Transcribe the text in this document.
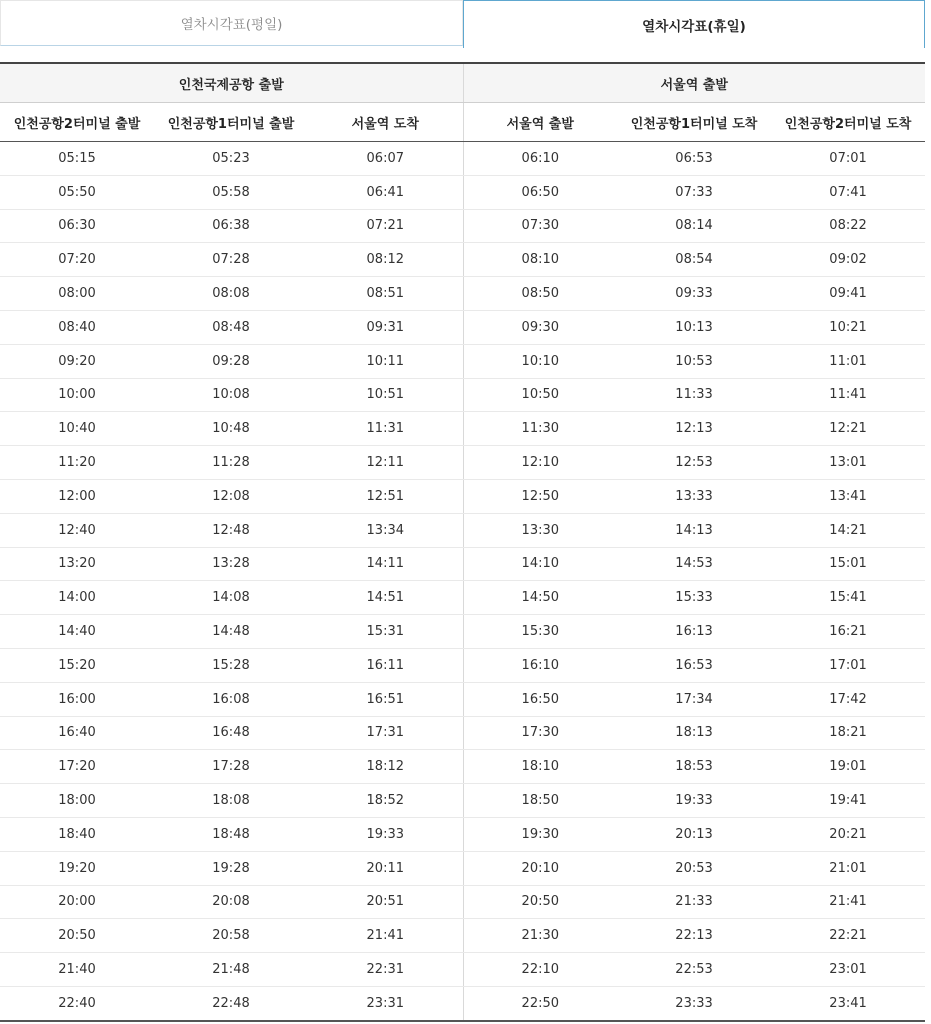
열차시각표(평일)	열차시각표(휴일)
인천국제공항 출발			서울역 출발		
인천공항2터미널 출발	인천공항1터미널 출발	서울역 도착	서울역 출발	인천공항1터미널 도착	인천공항2터미널 도착
05:15	05:23	06:07	06:10	06:53	07:01
05:50	05:58	06:41	06:50	07:33	07:41
06:30	06:38	07:21	07:30	08:14	08:22
07:20	07:28	08:12	08:10	08:54	09:02
08:00	08:08	08:51	08:50	09:33	09:41
08:40	08:48	09:31	09:30	10:13	10:21
09:20	09:28	10:11	10:10	10:53	11:01
10:00	10:08	10:51	10:50	11:33	11:41
10:40	10:48	11:31	11:30	12:13	12:21
11:20	11:28	12:11	12:10	12:53	13:01
12:00	12:08	12:51	12:50	13:33	13:41
12:40	12:48	13:34	13:30	14:13	14:21
13:20	13:28	14:11	14:10	14:53	15:01
14:00	14:08	14:51	14:50	15:33	15:41
14:40	14:48	15:31	15:30	16:13	16:21
15:20	15:28	16:11	16:10	16:53	17:01
16:00	16:08	16:51	16:50	17:34	17:42
16:40	16:48	17:31	17:30	18:13	18:21
17:20	17:28	18:12	18:10	18:53	19:01
18:00	18:08	18:52	18:50	19:33	19:41
18:40	18:48	19:33	19:30	20:13	20:21
19:20	19:28	20:11	20:10	20:53	21:01
20:00	20:08	20:51	20:50	21:33	21:41
20:50	20:58	21:41	21:30	22:13	22:21
21:40	21:48	22:31	22:10	22:53	23:01
22:40	22:48	23:31	22:50	23:33	23:41
